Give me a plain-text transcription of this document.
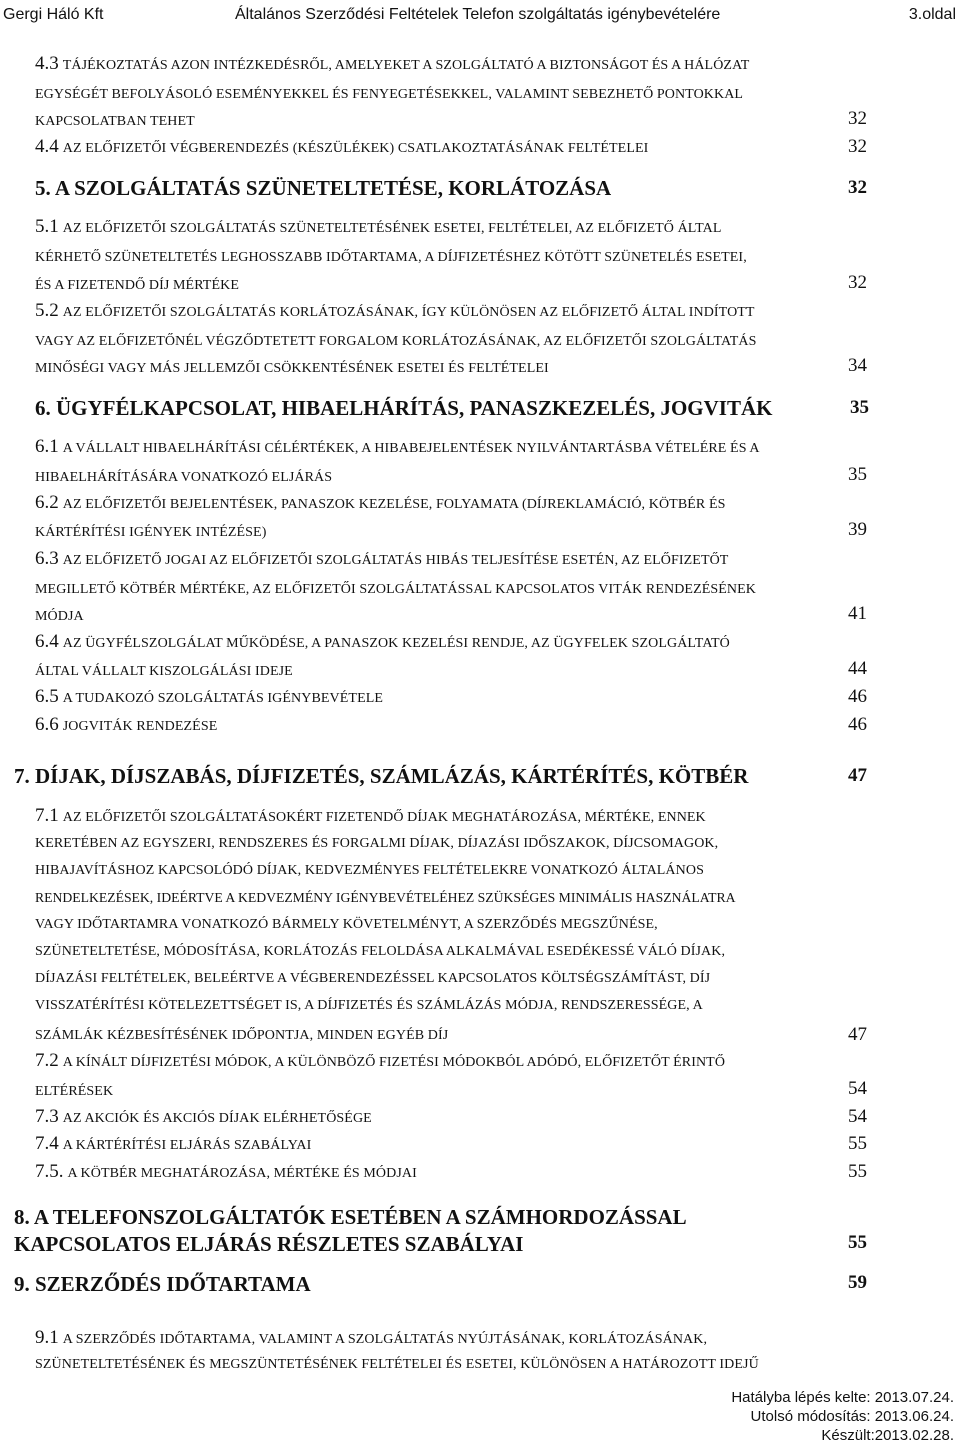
Gergi Háló Kft	Általános Szerződési Feltételek Telefon szolgáltatás igénybevételére	3.oldal
4.3 TÁJÉKOZTATÁS AZON INTÉZKEDÉSRŐL, AMELYEKET A SZOLGÁLTATÓ A BIZTONSÁGOT ÉS A HÁLÓZAT
EGYSÉGÉT BEFOLYÁSOLÓ ESEMÉNYEKKEL ÉS FENYEGETÉSEKKEL, VALAMINT SEBEZHETŐ PONTOKKAL
KAPCSOLATBAN TEHET	32
4.4 AZ ELŐFIZETŐI VÉGBERENDEZÉS (KÉSZÜLÉKEK) CSATLAKOZTATÁSÁNAK FELTÉTELEI	32
5. A SZOLGÁLTATÁS SZÜNETELTETÉSE, KORLÁTOZÁSA	32
5.1 AZ ELŐFIZETŐI SZOLGÁLTATÁS SZÜNETELTETÉSÉNEK ESETEI, FELTÉTELEI, AZ ELŐFIZETŐ ÁLTAL
KÉRHETŐ SZÜNETELTETÉS LEGHOSSZABB IDŐTARTAMA, A DÍJFIZETÉSHEZ KÖTÖTT SZÜNETELÉS ESETEI,
ÉS A FIZETENDŐ DÍJ MÉRTÉKE	32
5.2 AZ ELŐFIZETŐI SZOLGÁLTATÁS KORLÁTOZÁSÁNAK, ÍGY KÜLÖNÖSEN AZ ELŐFIZETŐ ÁLTAL INDÍTOTT
VAGY AZ ELŐFIZETŐNÉL VÉGZŐDTETETT FORGALOM KORLÁTOZÁSÁNAK, AZ ELŐFIZETŐI SZOLGÁLTATÁS
MINŐSÉGI VAGY MÁS JELLEMZŐI CSÖKKENTÉSÉNEK ESETEI ÉS FELTÉTELEI	34
6. ÜGYFÉLKAPCSOLAT, HIBAELHÁRÍTÁS, PANASZKEZELÉS, JOGVITÁK	35
6.1 A VÁLLALT HIBAELHÁRÍTÁSI CÉLÉRTÉKEK, A HIBABEJELENTÉSEK NYILVÁNTARTÁSBA VÉTELÉRE ÉS A
HIBAELHÁRÍTÁSÁRA VONATKOZÓ ELJÁRÁS	35
6.2 AZ ELŐFIZETŐI BEJELENTÉSEK, PANASZOK KEZELÉSE, FOLYAMATA (DÍJREKLAMÁCIÓ, KÖTBÉR ÉS
KÁRTÉRÍTÉSI IGÉNYEK INTÉZÉSE)	39
6.3 AZ ELŐFIZETŐ JOGAI AZ ELŐFIZETŐI SZOLGÁLTATÁS HIBÁS TELJESÍTÉSE ESETÉN, AZ ELŐFIZETŐT
MEGILLETŐ KÖTBÉR MÉRTÉKE, AZ ELŐFIZETŐI SZOLGÁLTATÁSSAL KAPCSOLATOS VITÁK RENDEZÉSÉNEK
MÓDJA	41
6.4 AZ ÜGYFÉLSZOLGÁLAT MŰKÖDÉSE, A PANASZOK KEZELÉSI RENDJE, AZ ÜGYFELEK SZOLGÁLTATÓ
ÁLTAL VÁLLALT KISZOLGÁLÁSI IDEJE	44
6.5 A TUDAKOZÓ SZOLGÁLTATÁS IGÉNYBEVÉTELE	46
6.6 JOGVITÁK RENDEZÉSE	46
7. DÍJAK, DÍJSZABÁS, DÍJFIZETÉS, SZÁMLÁZÁS, KÁRTÉRÍTÉS, KÖTBÉR	47
7.1 AZ ELŐFIZETŐI SZOLGÁLTATÁSOKÉRT FIZETENDŐ DÍJAK MEGHATÁROZÁSA, MÉRTÉKE, ENNEK
KERETÉBEN AZ EGYSZERI, RENDSZERES ÉS FORGALMI DÍJAK, DÍJAZÁSI IDŐSZAKOK, DÍJCSOMAGOK,
HIBAJAVÍTÁSHOZ KAPCSOLÓDÓ DÍJAK, KEDVEZMÉNYES FELTÉTELEKRE VONATKOZÓ ÁLTALÁNOS
RENDELKEZÉSEK, IDEÉRTVE A KEDVEZMÉNY IGÉNYBEVÉTELÉHEZ SZÜKSÉGES MINIMÁLIS HASZNÁLATRA
VAGY IDŐTARTAMRA VONATKOZÓ BÁRMELY KÖVETELMÉNYT, A SZERZŐDÉS MEGSZŰNÉSE,
SZÜNETELTETÉSE, MÓDOSÍTÁSA, KORLÁTOZÁS FELOLDÁSA ALKALMÁVAL ESEDÉKESSÉ VÁLÓ DÍJAK,
DÍJAZÁSI FELTÉTELEK, BELEÉRTVE A VÉGBERENDEZÉSSEL KAPCSOLATOS KÖLTSÉGSZÁMÍTÁST, DÍJ
VISSZATÉRÍTÉSI KÖTELEZETTSÉGET IS, A DÍJFIZETÉS ÉS SZÁMLÁZÁS MÓDJA, RENDSZERESSÉGE, A
SZÁMLÁK KÉZBESÍTÉSÉNEK IDŐPONTJA, MINDEN EGYÉB DÍJ	47
7.2 A KÍNÁLT DÍJFIZETÉSI MÓDOK, A KÜLÖNBÖZŐ FIZETÉSI MÓDOKBÓL ADÓDÓ, ELŐFIZETŐT ÉRINTŐ
ELTÉRÉSEK	54
7.3 AZ AKCIÓK ÉS AKCIÓS DÍJAK ELÉRHETŐSÉGE	54
7.4 A KÁRTÉRÍTÉSI ELJÁRÁS SZABÁLYAI	55
7.5. A KÖTBÉR MEGHATÁROZÁSA, MÉRTÉKE ÉS MÓDJAI	55
8. A TELEFONSZOLGÁLTATÓK ESETÉBEN A SZÁMHORDOZÁSSAL
KAPCSOLATOS ELJÁRÁS RÉSZLETES SZABÁLYAI	55
9. SZERZŐDÉS IDŐTARTAMA	59
9.1 A SZERZŐDÉS IDŐTARTAMA, VALAMINT A SZOLGÁLTATÁS NYÚJTÁSÁNAK, KORLÁTOZÁSÁNAK,
SZÜNETELTETÉSÉNEK ÉS MEGSZÜNTETÉSÉNEK FELTÉTELEI ÉS ESETEI, KÜLÖNÖSEN A HATÁROZOTT IDEJŰ
Hatályba lépés kelte: 2013.07.24.
Utolsó módosítás: 2013.06.24.
Készült:2013.02.28.
